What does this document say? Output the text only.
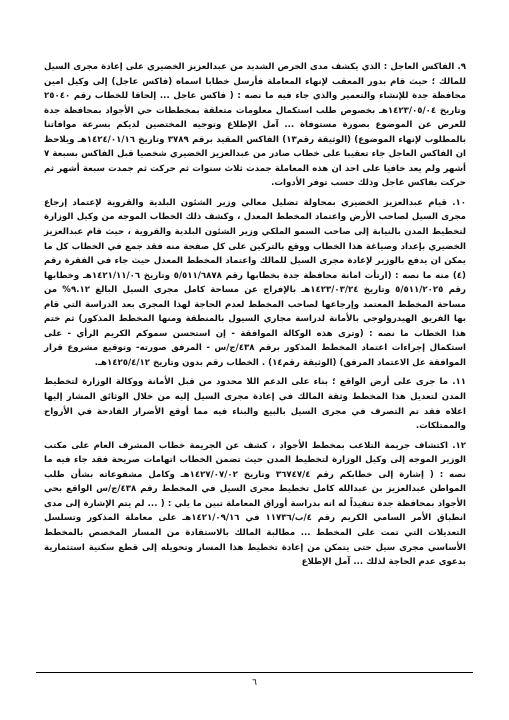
٩. الفاكس العاجل : الذي يكشف مدى الحرص الشديد من عبدالعزيز الخضيري على إعادة مجرى السيل للمالك ؛ حيث قام بدور المعقب لإنهاء المعاملة فأرسل خطابا اسماه (فاكس عاجل) إلى وكيل امين محافظة جدة للإنشاء والتعمير والذي جاء فيه ما نصه : ( فاكس عاجل ... إلحاقا للخطاب رقم ٢٥٠٤٠ وتاريخ ١٤٢٣/٠٥/٠٤هـ بخصوص طلب استكمال معلومات متعلقة بمخططات حي الأجواد بمحافظة جدة للعرض عن الموضوع بصورة مستوفاة ... آمل الإطلاع وتوجيه المختصين لديكم بسرعة موافاتنا بالمطلوب لإنهاء الموضوع) (الوثيقة رقم١٣) الفاكس المقيد برقم ٣٧٨٩ وتاريخ ١٤٢٤/٠١/١٦هـ ويلاحظ ان الفاكس العاجل جاء تعقيبا على خطاب صادر من عبدالعزيز الخضيري شخصيا قبل الفاكس بسبعة ٧ أشهر ولم يعد خافيا على احد ان هذه المعاملة جمدت ثلاث سنوات ثم حركت ثم جمدت سبعة أشهر ثم حركت بفاكس عاجل وذلك حسب توفر الأدوات.

١٠. قيام عبدالعزيز الخضيري بمحاولة تضليل معالي وزير الشئون البلدية والقروية لإعتماد إرجاع مجرى السيل لصاحب الأرض واعتماد المخطط المعدل ، وكشف ذلك الخطاب الموجه من وكيل الوزارة لتخطيط المدن بالنيابة إلى صاحب السمو الملكي وزير الشئون البلدية والقروية ، حيث قام عبدالعزيز الخضيري بإعداد وصياغة هذا الخطاب ووقع بالتركين على كل صفحة منه فقد جمع في الخطاب كل ما يمكن ان يدفع بالوزير لإعادة مجرى السيل للمالك واعتماد المخطط المعدل حيث جاء في الفقرة رقم (٤) منه ما نصه : (ارتأت امانة محافظة جدة بخطابها رقم ٥/٥١١/٦٨٧٨ وتاريخ ١٤٢١/١١/٠٦هـ وخطابها رقم ٥/٥١١/٢٠٢٥ وتاريخ ١٤٢٣/٠٣/٢٤هـ بالإفراج عن مساحة كامل مجرى السيل البالغ ٩.١٢% من مساحة المخطط المعتمد وإرجاعها لصاحب المخطط لعدم الحاجة لهذا المجرى بعد الدراسة التي قام بها الفريق الهيدرولوجي بالأمانة لدراسة مجاري السيول بالمنطقة ومنها المخطط المذكور) ثم ختم هذا الخطاب ما نصه : (وترى هذه الوكالة الموافقة - إن استحسن سموكم الكريم الرأي - على استكمال إجراءات اعتماد المخطط المذكور برقم ٤٣٨/ج/س - المرفق صورته- وتوقيع مشروع قرار الموافقة عل الاعتماد المرفق) (الوثيقة رقم١٤) . الخطاب رقم بدون وتاريخ ١٤٢٥/٤/١٢هـ.

١١. ما جرى على أرض الواقع ؛ بناء على الدعم اللا محدود من قبل الأمانة ووكالة الوزارة لتخطيط المدن لتعديل هذا المخطط وثقة المالك في إعادة مجرى السيل إليه من خلال الوثائق المشار إليها اعلاه فقد تم التصرف في مجرى السيل بالبيع والبناء فيه مما أوقع الأضرار الفادحة في الأرواح والممتلكات.

١٢. اكتشاف جريمة التلاعب بمخطط الأجواد ، كشف عن الجريمة خطاب المشرف العام على مكتب الوزير الموجه إلى وكيل الوزارة لتخطيط المدن حيث تضمن الخطاب اتهامات صريحة فقد جاء فيه ما نصه : ( إشارة إلى خطابكم رقم ٣٦٧٤٧/٤ وتاريخ ١٤٢٧/٠٧/٠٢هـ وكامل مشفوعاته بشأن طلب المواطن عبدالعزيز بن عبدالله كامل تخطيط مجرى السيل في المخطط رقم ٤٣٨/ج/س الواقع بحي الأجواد بمحافظة جدة تنفيذاً له انه بدراسة أوراق المعاملة تبين ما يلي : ( ... لم يتم الإشارة إلى مدى انطباق الأمر السامي الكريم رقم ٤/ب/١١٧٣٦ في ١٤٢١/٠٩/١٦هـ على معاملة المذكور وتسلسل التعديلات التي تمت على المخطط ... مطالبة المالك بالاستفادة من المسار المخصص بالمخطط الأساسي مجرى سيل حتى يتمكن من إعادة تخطيط هذا المسار وتحويله إلى قطع سكنية استثمارية بدعوى عدم الحاجة لذلك ... آمل الإطلاع

٦
